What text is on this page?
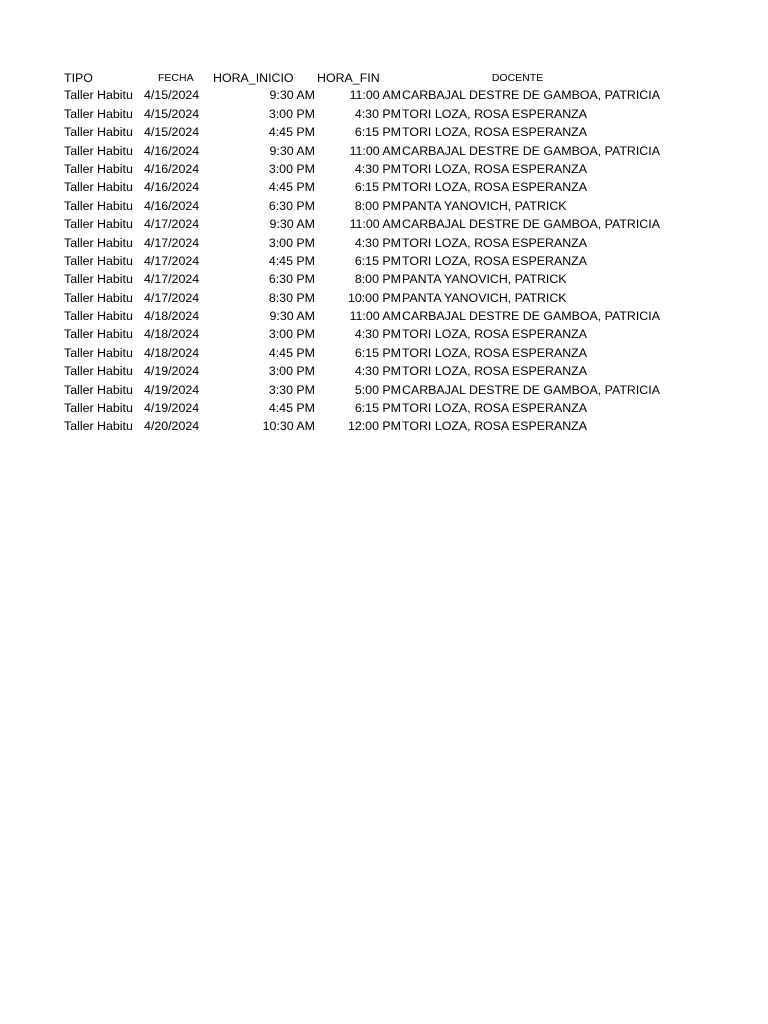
TIPO	FECHA HORA_INICIO	HORA_FIN	DOCENTE
Taller Habitu 4/15/2024	9:30 AM	11:00 AM CARBAJAL DESTRE DE GAMBOA, PATRICIA
Taller Habitu 4/15/2024	3:00 PM	4:30 PM TORI LOZA, ROSA ESPERANZA
Taller Habitu 4/15/2024	4:45 PM	6:15 PM TORI LOZA, ROSA ESPERANZA
Taller Habitu 4/16/2024	9:30 AM	11:00 AM CARBAJAL DESTRE DE GAMBOA, PATRICIA
Taller Habitu 4/16/2024	3:00 PM	4:30 PM TORI LOZA, ROSA ESPERANZA
Taller Habitu 4/16/2024	4:45 PM	6:15 PM TORI LOZA, ROSA ESPERANZA
Taller Habitu 4/16/2024	6:30 PM	8:00 PM PANTA YANOVICH, PATRICK
Taller Habitu 4/17/2024	9:30 AM	11:00 AM CARBAJAL DESTRE DE GAMBOA, PATRICIA
Taller Habitu 4/17/2024	3:00 PM	4:30 PM TORI LOZA, ROSA ESPERANZA
Taller Habitu 4/17/2024	4:45 PM	6:15 PM TORI LOZA, ROSA ESPERANZA
Taller Habitu 4/17/2024	6:30 PM	8:00 PM PANTA YANOVICH, PATRICK
Taller Habitu 4/17/2024	8:30 PM	10:00 PM PANTA YANOVICH, PATRICK
Taller Habitu 4/18/2024	9:30 AM	11:00 AM CARBAJAL DESTRE DE GAMBOA, PATRICIA
Taller Habitu 4/18/2024	3:00 PM	4:30 PM TORI LOZA, ROSA ESPERANZA
Taller Habitu 4/18/2024	4:45 PM	6:15 PM TORI LOZA, ROSA ESPERANZA
Taller Habitu 4/19/2024	3:00 PM	4:30 PM TORI LOZA, ROSA ESPERANZA
Taller Habitu 4/19/2024	3:30 PM	5:00 PM CARBAJAL DESTRE DE GAMBOA, PATRICIA
Taller Habitu 4/19/2024	4:45 PM	6:15 PM TORI LOZA, ROSA ESPERANZA
Taller Habitu 4/20/2024	10:30 AM	12:00 PM TORI LOZA, ROSA ESPERANZA
